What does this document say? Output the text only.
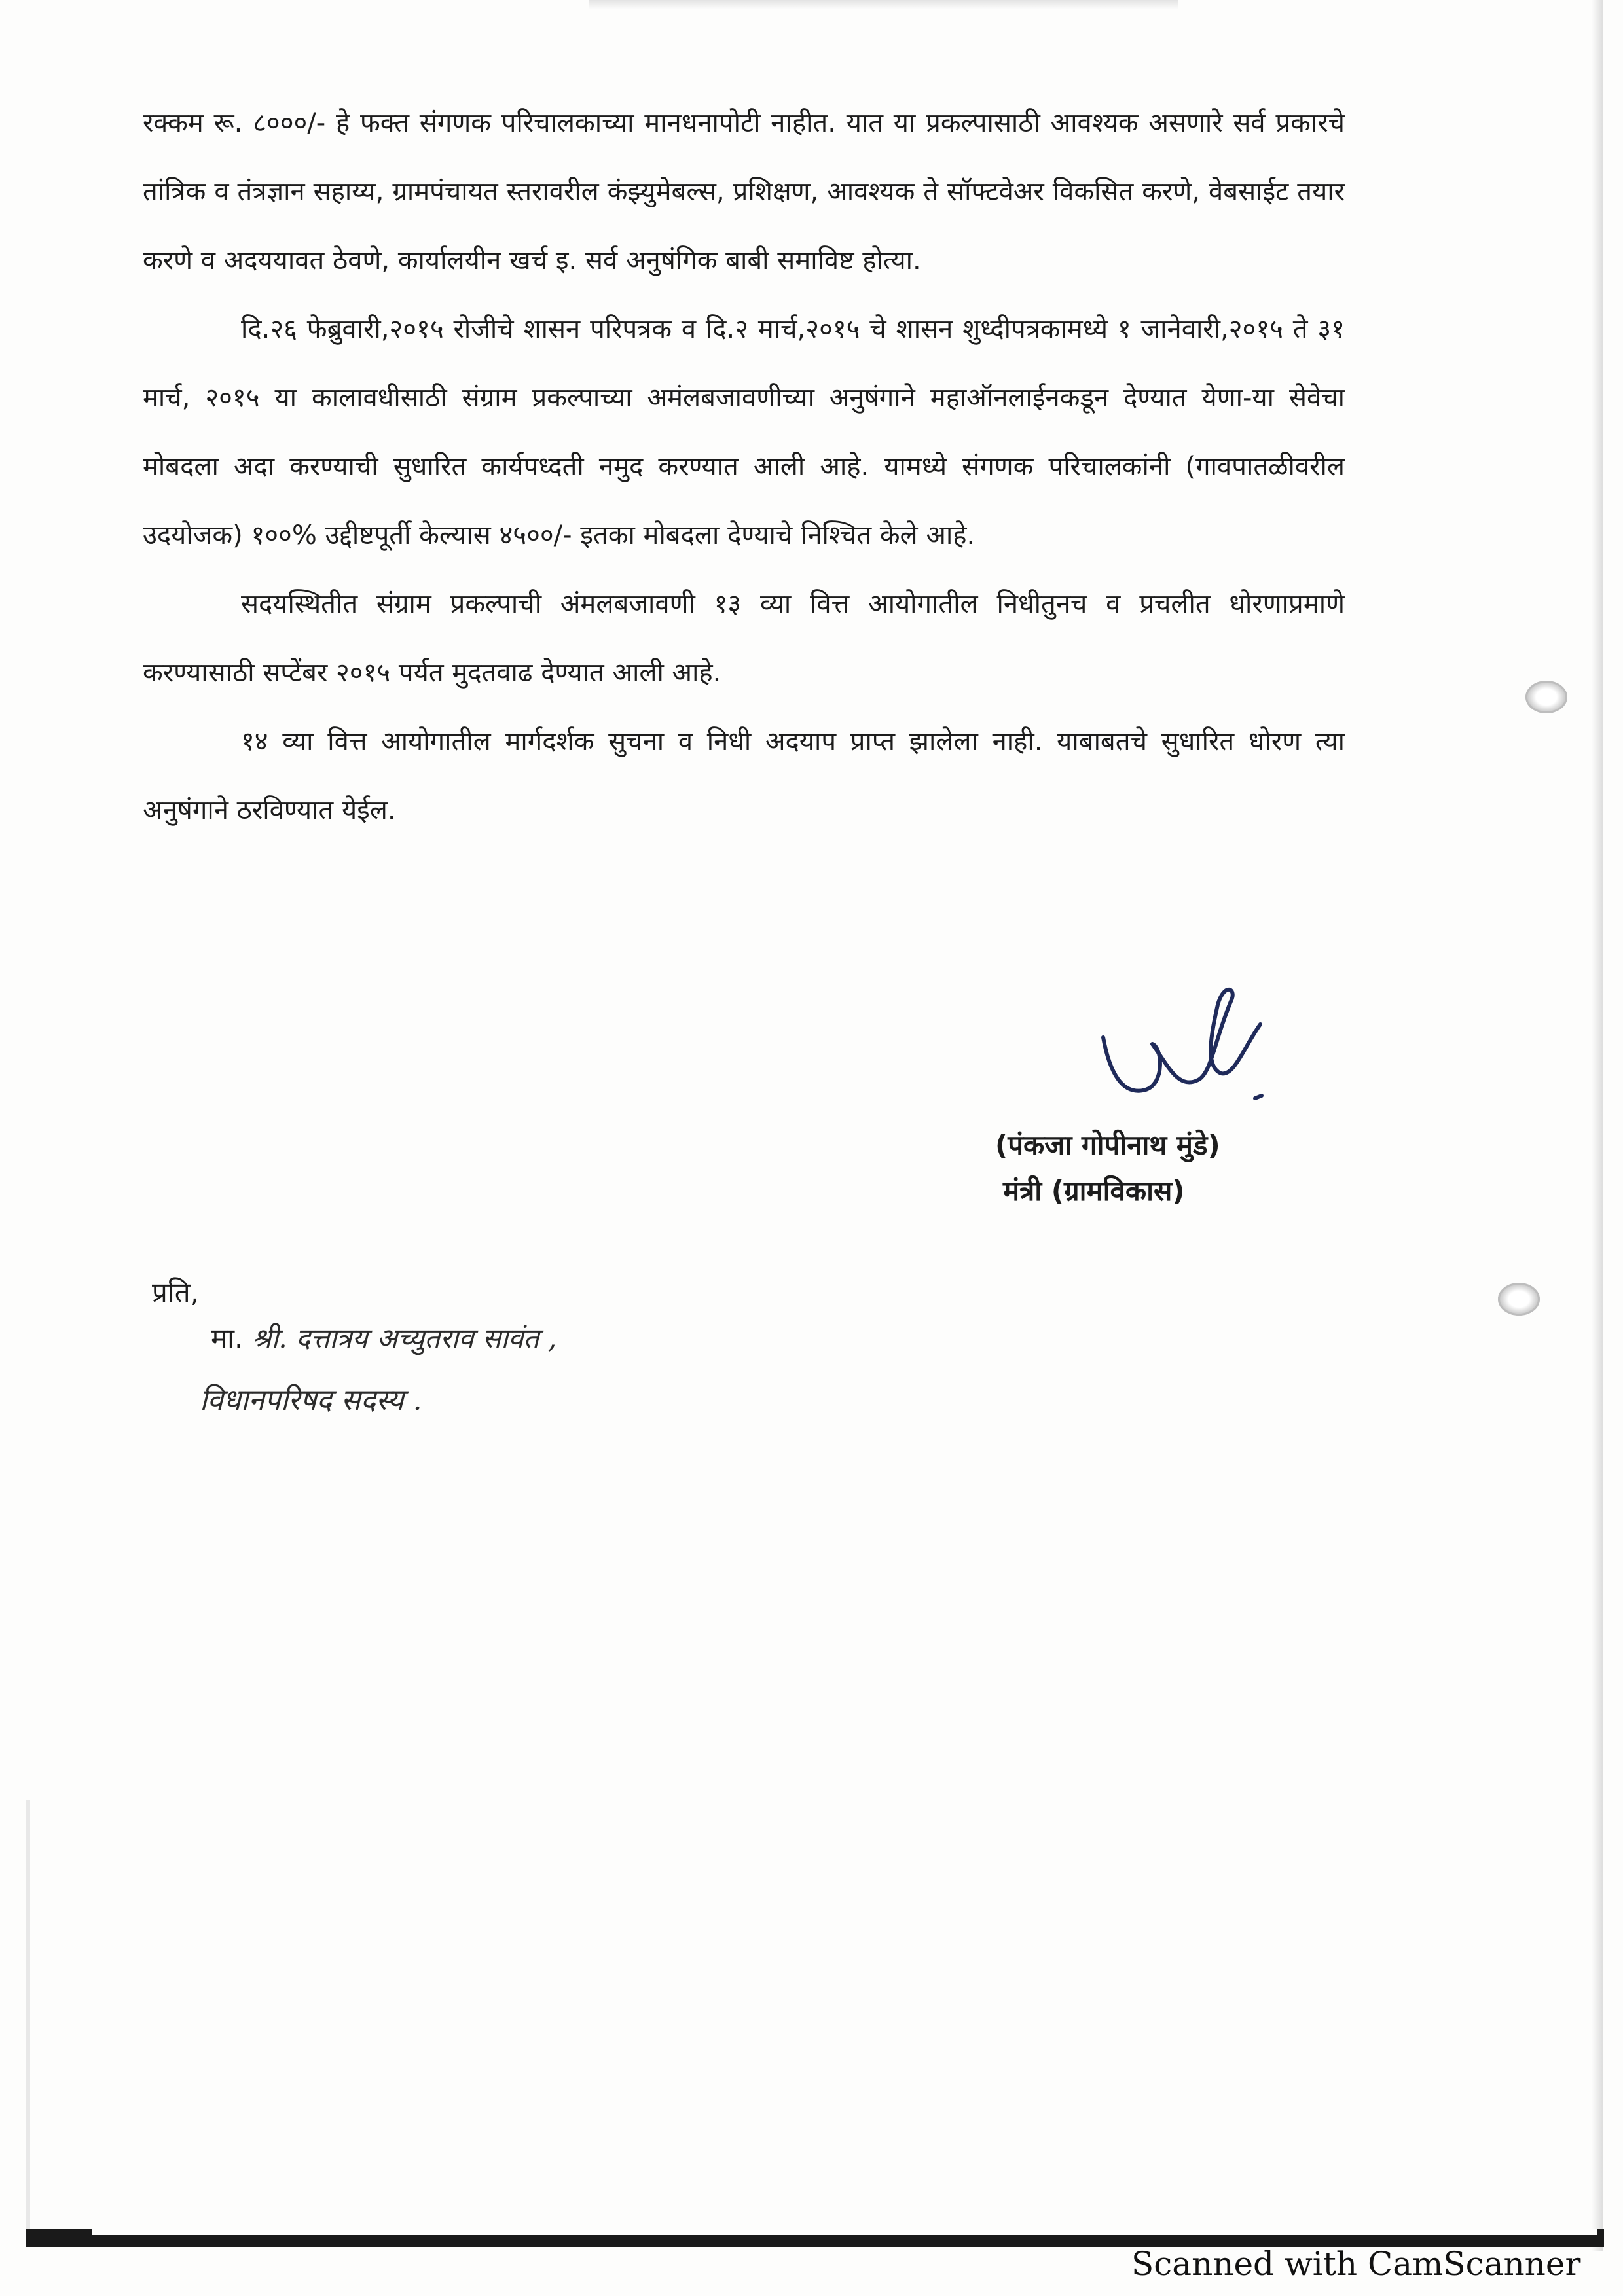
रक्कम रू. ८०००/- हे फक्त संगणक परिचालकाच्या मानधनापोटी नाहीत. यात या प्रकल्पासाठी आवश्यक असणारे सर्व प्रकारचे तांत्रिक व तंत्रज्ञान सहाय्य, ग्रामपंचायत स्तरावरील कंझ्युमेबल्स, प्रशिक्षण, आवश्यक ते सॉफ्टवेअर विकसित करणे, वेबसाईट तयार करणे व अदययावत ठेवणे, कार्यालयीन खर्च इ. सर्व अनुषंगिक बाबी समाविष्ट होत्या.

दि.२६ फेब्रुवारी,२०१५ रोजीचे शासन परिपत्रक व दि.२ मार्च,२०१५ चे शासन शुध्दीपत्रकामध्ये १ जानेवारी,२०१५ ते ३१ मार्च, २०१५ या कालावधीसाठी संग्राम प्रकल्पाच्या अमंलबजावणीच्या अनुषंगाने महाऑनलाईनकडून देण्यात येणा-या सेवेचा मोबदला अदा करण्याची सुधारित कार्यपध्दती नमुद करण्यात आली आहे. यामध्ये संगणक परिचालकांनी (गावपातळीवरील उदयोजक) १००% उद्दीष्टपूर्ती केल्यास ४५००/- इतका मोबदला देण्याचे निश्चित केले आहे.

सदयस्थितीत संग्राम प्रकल्पाची अंमलबजावणी १३ व्या वित्त आयोगातील निधीतुनच व प्रचलीत धोरणाप्रमाणे करण्यासाठी सप्टेंबर २०१५ पर्यत मुदतवाढ देण्यात आली आहे.

१४ व्या वित्त आयोगातील मार्गदर्शक सुचना व निधी अदयाप प्राप्त झालेला नाही. याबाबतचे सुधारित धोरण त्या अनुषंगाने ठरविण्यात येईल.

(पंकजा गोपीनाथ मुंडे)
मंत्री (ग्रामविकास)
प्रति,
मा. श्री. दत्तात्रय अच्युतराव सावंत ,
विधानपरिषद सदस्य .
Scanned with CamScanner
